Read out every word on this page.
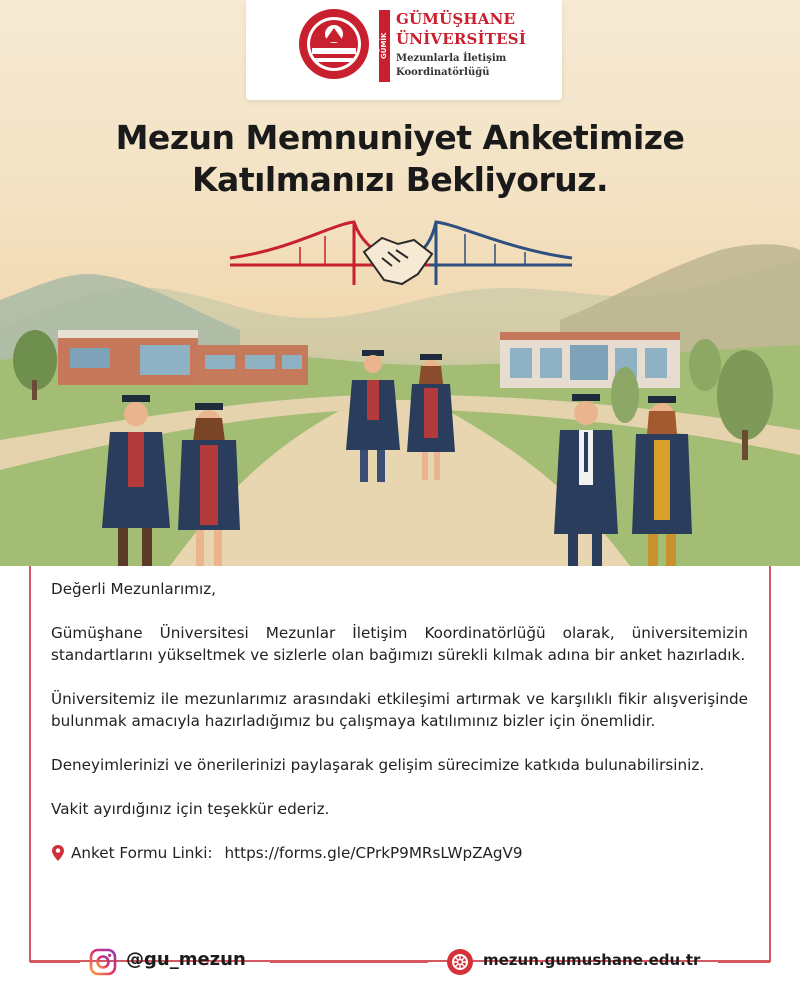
GÜMİK
GÜMÜŞHANE
ÜNİVERSİTESİ
Mezunlarla İletişim
Koordinatörlüğü
Mezun Memnuniyet Anketimize
Katılmanızı Bekliyoruz.

Değerli Mezunlarımız,

Gümüşhane Üniversitesi Mezunlar İletişim Koordinatörlüğü olarak, üniversitemizin standartlarını yükseltmek ve sizlerle olan bağımızı sürekli kılmak adına bir anket hazırladık.

Üniversitemiz ile mezunlarımız arasındaki etkileşimi artırmak ve karşılıklı fikir alışverişinde bulunmak amacıyla hazırladığımız bu çalışmaya katılımınız bizler için önemlidir.

Deneyimlerinizi ve önerilerinizi paylaşarak gelişim sürecimize katkıda bulunabilirsiniz.

Vakit ayırdığınız için teşekkür ederiz.

Anket Formu Linki: https://forms.gle/CPrkP9MRsLWpZAgV9
@gu_mezun	mezun.gumushane.edu.tr
